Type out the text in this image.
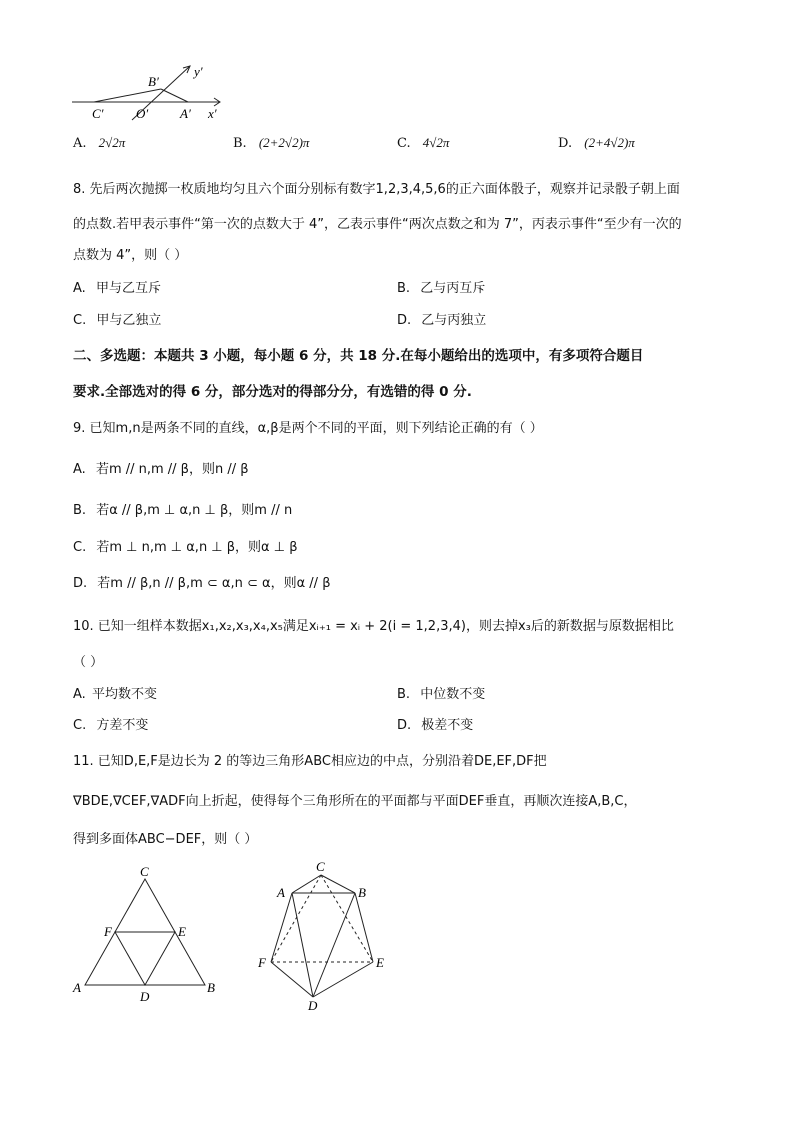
y′
B′
C′ O′ A′ x′
A. 2√2π	B. (2+2√2)π	C. 4√2π	D. (2+4√2)π
8. 先后两次抛掷一枚质地均匀且六个面分别标有数字1,2,3,4,5,6的正六面体骰子，观察并记录骰子朝上面
的点数.若甲表示事件“第一次的点数大于 4”，乙表示事件“两次点数之和为 7”，丙表示事件“至少有一次的
点数为 4”，则（ ）
A. 甲与乙互斥	B. 乙与丙互斥
C. 甲与乙独立	D. 乙与丙独立
二、多选题：本题共 3 小题，每小题 6 分，共 18 分.在每小题给出的选项中，有多项符合题目
要求.全部选对的得 6 分，部分选对的得部分分，有选错的得 0 分.
9. 已知m,n是两条不同的直线，α,β是两个不同的平面，则下列结论正确的有（ ）
A. 若m // n,m // β，则n // β
B. 若α // β,m ⊥ α,n ⊥ β，则m // n
C. 若m ⊥ n,m ⊥ α,n ⊥ β，则α ⊥ β
D. 若m // β,n // β,m ⊂ α,n ⊂ α，则α // β
10. 已知一组样本数据x₁,x₂,x₃,x₄,x₅满足xᵢ₊₁ = xᵢ + 2(i = 1,2,3,4)，则去掉x₃后的新数据与原数据相比
（ ）
A. 平均数不变	B. 中位数不变
C. 方差不变	D. 极差不变
11. 已知D,E,F是边长为 2 的等边三角形ABC相应边的中点，分别沿着DE,EF,DF把
∇BDE,∇CEF,∇ADF向上折起，使得每个三角形所在的平面都与平面DEF垂直，再顺次连接A,B,C，
得到多面体ABC−DEF，则（ ）
C
F	E
A
D
B
C
A	B
F	E
D
